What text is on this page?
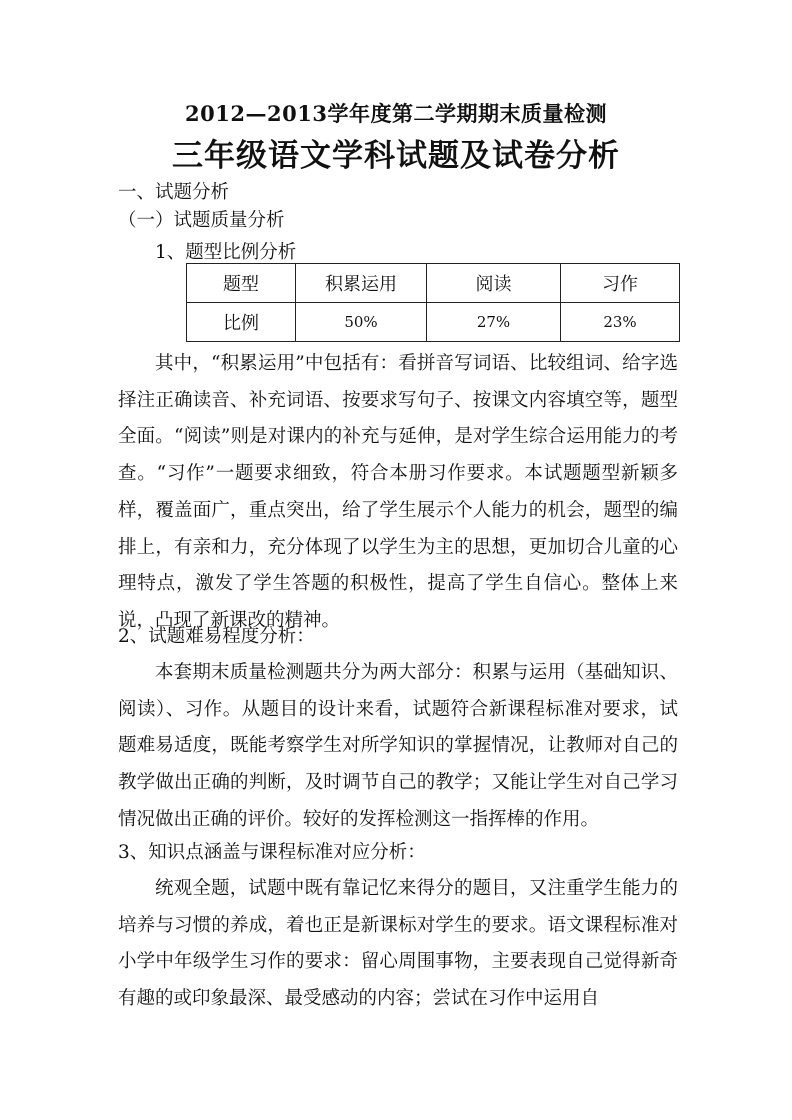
2012—2013学年度第二学期期末质量检测
三年级语文学科试题及试卷分析
一、试题分析
（一）试题质量分析
1、题型比例分析
题型	积累运用	阅读	习作
比例	50%	27%	23%
其中，“积累运用”中包括有：看拼音写词语、比较组词、给字选择注正确读音、补充词语、按要求写句子、按课文内容填空等，题型全面。“阅读”则是对课内的补充与延伸，是对学生综合运用能力的考查。“习作”一题要求细致，符合本册习作要求。本试题题型新颖多样，覆盖面广，重点突出，给了学生展示个人能力的机会，题型的编排上，有亲和力，充分体现了以学生为主的思想，更加切合儿童的心理特点，激发了学生答题的积极性，提高了学生自信心。整体上来说，凸现了新课改的精神。
2、试题难易程度分析：
本套期末质量检测题共分为两大部分：积累与运用（基础知识、阅读）、习作。从题目的设计来看，试题符合新课程标准对要求，试题难易适度，既能考察学生对所学知识的掌握情况，让教师对自己的教学做出正确的判断，及时调节自己的教学；又能让学生对自己学习情况做出正确的评价。较好的发挥检测这一指挥棒的作用。
3、知识点涵盖与课程标准对应分析：
统观全题，试题中既有靠记忆来得分的题目，又注重学生能力的培养与习惯的养成，着也正是新课标对学生的要求。语文课程标准对小学中年级学生习作的要求：留心周围事物，主要表现自己觉得新奇有趣的或印象最深、最受感动的内容；尝试在习作中运用自
